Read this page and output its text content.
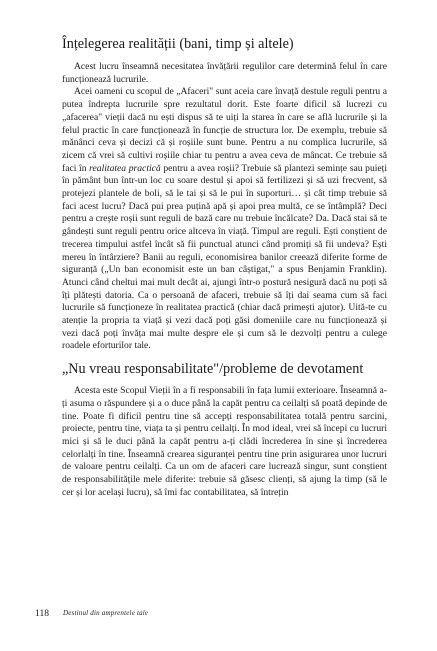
Înțelegerea realității (bani, timp și altele)

Acest lucru înseamnă necesitatea învățării regulilor care determină felul în care funcționează lucrurile.

Acei oameni cu scopul de „Afaceri" sunt aceia care învață destule reguli pentru a putea îndrepta lucrurile spre rezultatul dorit. Este foarte dificil să lucrezi cu „afacerea" vieții dacă nu ești dispus să te uiți la starea în care se află lucrurile și la felul practic în care funcționează în funcție de structura lor. De exemplu, trebuie să mănânci ceva și decizi că și roșiile sunt bune. Pentru a nu complica lucrurile, să zicem că vrei să cultivi roșiile chiar tu pentru a avea ceva de mâncat. Ce trebuie să faci în realitatea practică pentru a avea roșii? Trebuie să plantezi semințe sau puieți în pământ bun într-un loc cu soare destul și apoi să fertilizezi și să uzi frecvent, să protejezi plantele de boli, să le tai și să le pui în suporturi… și cât timp trebuie să faci acest lucru? Dacă pui prea puțină apă și apoi prea multă, ce se întâmplă? Deci pentru a crește roșii sunt reguli de bază care nu trebuie încălcate? Da. Dacă stai să te gândești sunt reguli pentru orice altceva în viață. Timpul are reguli. Ești conștient de trecerea timpului astfel încât să fii punctual atunci când promiți să fii undeva? Ești mereu în întârziere? Banii au reguli, economisirea banilor creează diferite forme de siguranță („Un ban economisit este un ban câștigat," a spus Benjamin Franklin). Atunci când cheltui mai mult decât ai, ajungi într-o postură nesigură dacă nu poți să îți plătești datoria. Ca o persoană de afaceri, trebuie să îți dai seama cum să faci lucrurile să funcționeze în realitatea practică (chiar dacă primești ajutor). Uită-te cu atenție la propria ta viață și vezi dacă poți găsi domeniile care nu funcționează și vezi dacă poți învăța mai multe despre ele și cum să le dezvolți pentru a culege roadele eforturilor tale.

„Nu vreau responsabilitate"/probleme de devotament

Acesta este Scopul Vieții în a fi responsabili în fața lumii exterioare. Înseamnă a-ți asuma o răspundere și a o duce până la capăt pentru ca ceilalți să poată depinde de tine. Poate fi dificil pentru tine să accepți responsabilitatea totală pentru sarcini, proiecte, pentru tine, viața ta și pentru ceilalți. În mod ideal, vrei să începi cu lucruri mici și să le duci până la capăt pentru a-ți clădi încrederea în sine și încrederea celorlalți în tine. Înseamnă crearea siguranței pentru tine prin asigurarea unor lucruri de valoare pentru ceilalți. Ca un om de afaceri care lucrează singur, sunt conștient de responsabilitățile mele diferite: trebuie să găsesc clienți, să ajung la timp (să le cer și lor același lucru), să îmi fac contabilitatea, să întrețin

118 Destinul din amprentele tale
